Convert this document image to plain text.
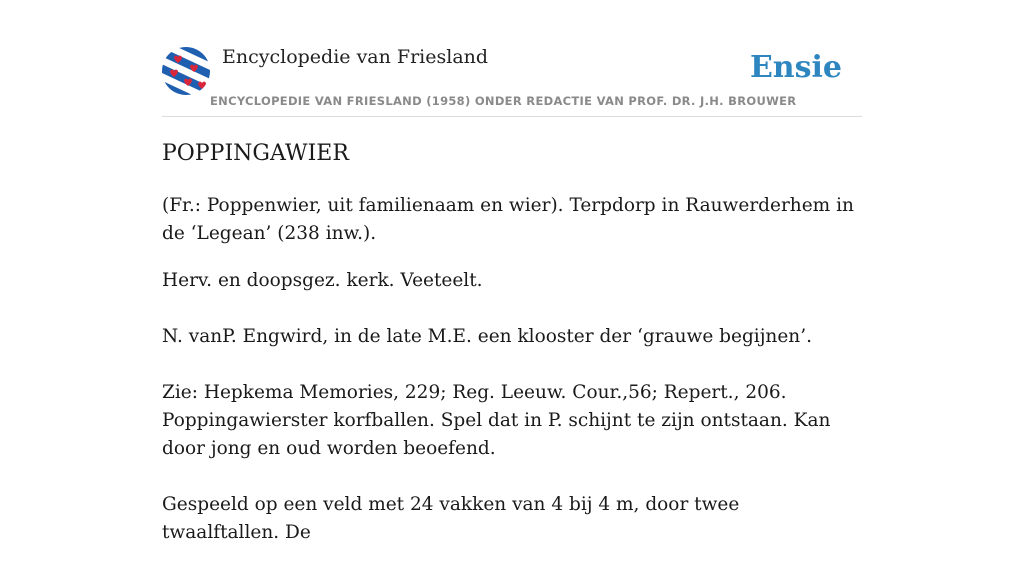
Encyclopedie van Friesland
ENCYCLOPEDIE VAN FRIESLAND (1958) ONDER REDACTIE VAN PROF. DR. J.H. BROUWER
Ensie
POPPINGAWIER

(Fr.: Poppenwier, uit familienaam en wier). Terpdorp in Rauwerderhem in de ‘Legean’ (238 inw.).

Herv. en doopsgez. kerk. Veeteelt.

N. vanP. Engwird, in de late M.E. een klooster der ‘grauwe begijnen’.

Zie: Hepkema Memories, 229; Reg. Leeuw. Cour.,56; Repert., 206. Poppingawierster korfballen. Spel dat in P. schijnt te zijn ontstaan. Kan door jong en oud worden beoefend.

Gespeeld op een veld met 24 vakken van 4 bij 4 m, door twee twaalftallen. De
